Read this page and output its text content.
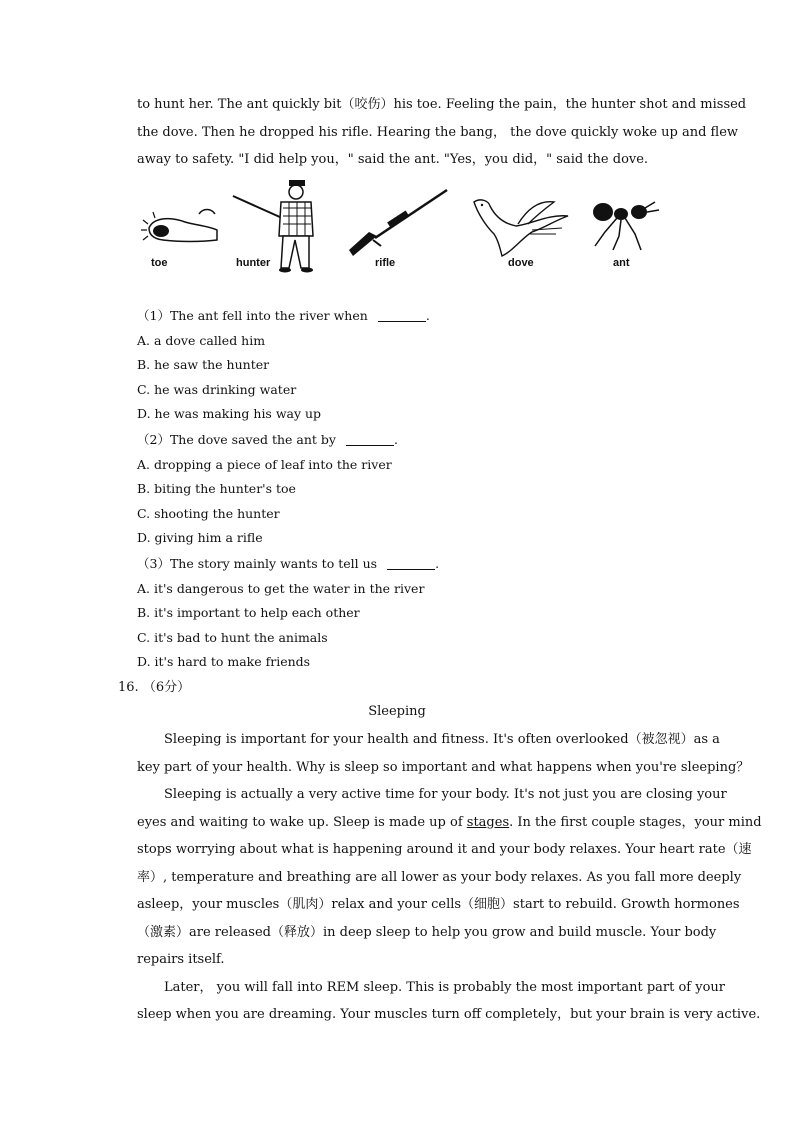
to hunt her. The ant quickly bit（咬伤）his toe. Feeling the pain，the hunter shot and missed
the dove. Then he dropped his rifle. Hearing the bang， the dove quickly woke up and flew
away to safety. "I did help you，" said the ant. "Yes，you did，" said the dove.
toe	hunter	rifle	dove	ant
（1）The ant fell into the river when	.
A. a dove called him
B. he saw the hunter
C. he was drinking water
D. he was making his way up
（2）The dove saved the ant by	.
A. dropping a piece of leaf into the river
B. biting the hunter's toe
C. shooting the hunter
D. giving him a rifle
（3）The story mainly wants to tell us	.
A. it's dangerous to get the water in the river
B. it's important to help each other
C. it's bad to hunt the animals
D. it's hard to make friends
16. （6分）
Sleeping
Sleeping is important for your health and fitness. It's often overlooked（被忽视）as a
key part of your health. Why is sleep so important and what happens when you're sleeping？
Sleeping is actually a very active time for your body. It's not just you are closing your
eyes and waiting to wake up. Sleep is made up of stages. In the first couple stages，your mind
stops worrying about what is happening around it and your body relaxes. Your heart rate（速
率）, temperature and breathing are all lower as your body relaxes. As you fall more deeply
asleep，your muscles（肌肉）relax and your cells（细胞）start to rebuild. Growth hormones
（激素）are released（释放）in deep sleep to help you grow and build muscle. Your body
repairs itself.
Later， you will fall into REM sleep. This is probably the most important part of your
sleep when you are dreaming. Your muscles turn off completely，but your brain is very active.
